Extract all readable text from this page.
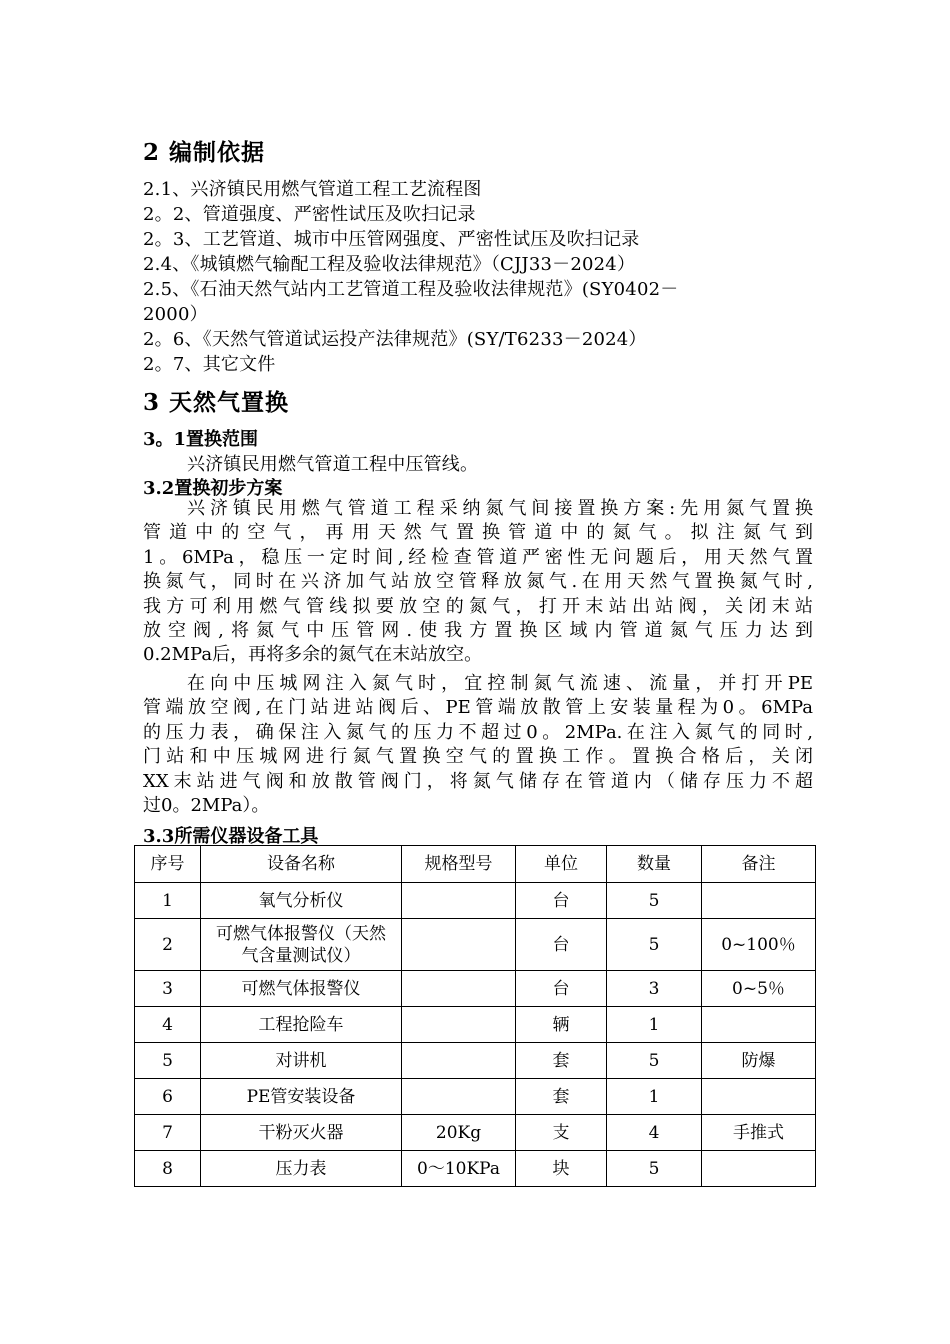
2 编制依据
2.1、兴济镇民用燃气管道工程工艺流程图
2。2、管道强度、严密性试压及吹扫记录
2。3、工艺管道、城市中压管网强度、严密性试压及吹扫记录
2.4、《城镇燃气输配工程及验收法律规范》（CJJ33－2024）
2.5、《石油天然气站内工艺管道工程及验收法律规范》(SY0402－
2000）
2。6、《天然气管道试运投产法律规范》(SY/T6233－2024）
2。7、其它文件
3 天然气置换
3。1置换范围
兴济镇民用燃气管道工程中压管线。
3.2置换初步方案
兴济镇民用燃气管道工程采纳氮气间接置换方案:先用氮气置换
管道中的空气，再用天然气置换管道中的氮气。拟注氮气到
1。6MPa，稳压一定时间,经检查管道严密性无问题后，用天然气置
换氮气，同时在兴济加气站放空管释放氮气.在用天然气置换氮气时,
我方可利用燃气管线拟要放空的氮气，打开末站出站阀，关闭末站
放空阀,将氮气中压管网.使我方置换区域内管道氮气压力达到
0.2MPa后，再将多余的氮气在末站放空。
在向中压城网注入氮气时，宜控制氮气流速、流量，并打开PE
管端放空阀,在门站进站阀后、PE管端放散管上安装量程为0。6MPa
的压力表，确保注入氮气的压力不超过0。2MPa.在注入氮气的同时,
门站和中压城网进行氮气置换空气的置换工作。置换合格后，关闭
XX末站进气阀和放散管阀门，将氮气储存在管道内（储存压力不超
过0。2MPa）。
3.3所需仪器设备工具
序号	设备名称	规格型号	单位	数量	备注
1	氧气分析仪		台	5	
2	可燃气体报警仪（天然气含量测试仪）		台	5	0~100％
3	可燃气体报警仪		台	3	0~5％
4	工程抢险车		辆	1	
5	对讲机		套	5	防爆
6	PE管安装设备		套	1	
7	干粉灭火器	20Kg	支	4	手推式
8	压力表	0～10KPa	块	5	
